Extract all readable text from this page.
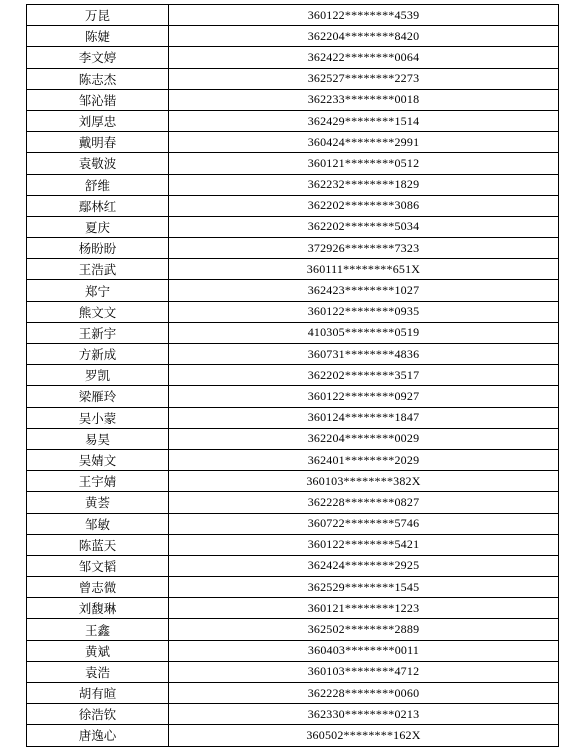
万昆	360122********4539
陈婕	362204********8420
李文婷	362422********0064
陈志杰	362527********2273
邹沁锴	362233********0018
刘厚忠	362429********1514
戴明春	360424********2991
袁敬波	360121********0512
舒维	362232********1829
鄢林红	362202********3086
夏庆	362202********5034
杨盼盼	372926********7323
王浩武	360111********651X
郑宁	362423********1027
熊文文	360122********0935
王新宇	410305********0519
方新成	360731********4836
罗凯	362202********3517
梁雁玲	360122********0927
吴小蒙	360124********1847
易昊	362204********0029
吴婧文	362401********2029
王宇婧	360103********382X
黄荟	362228********0827
邹敏	360722********5746
陈蓝天	360122********5421
邹文韬	362424********2925
曾志微	362529********1545
刘馥琳	360121********1223
王鑫	362502********2889
黄斌	360403********0011
袁浩	360103********4712
胡有暄	362228********0060
徐浩钦	362330********0213
唐逸心	360502********162X
